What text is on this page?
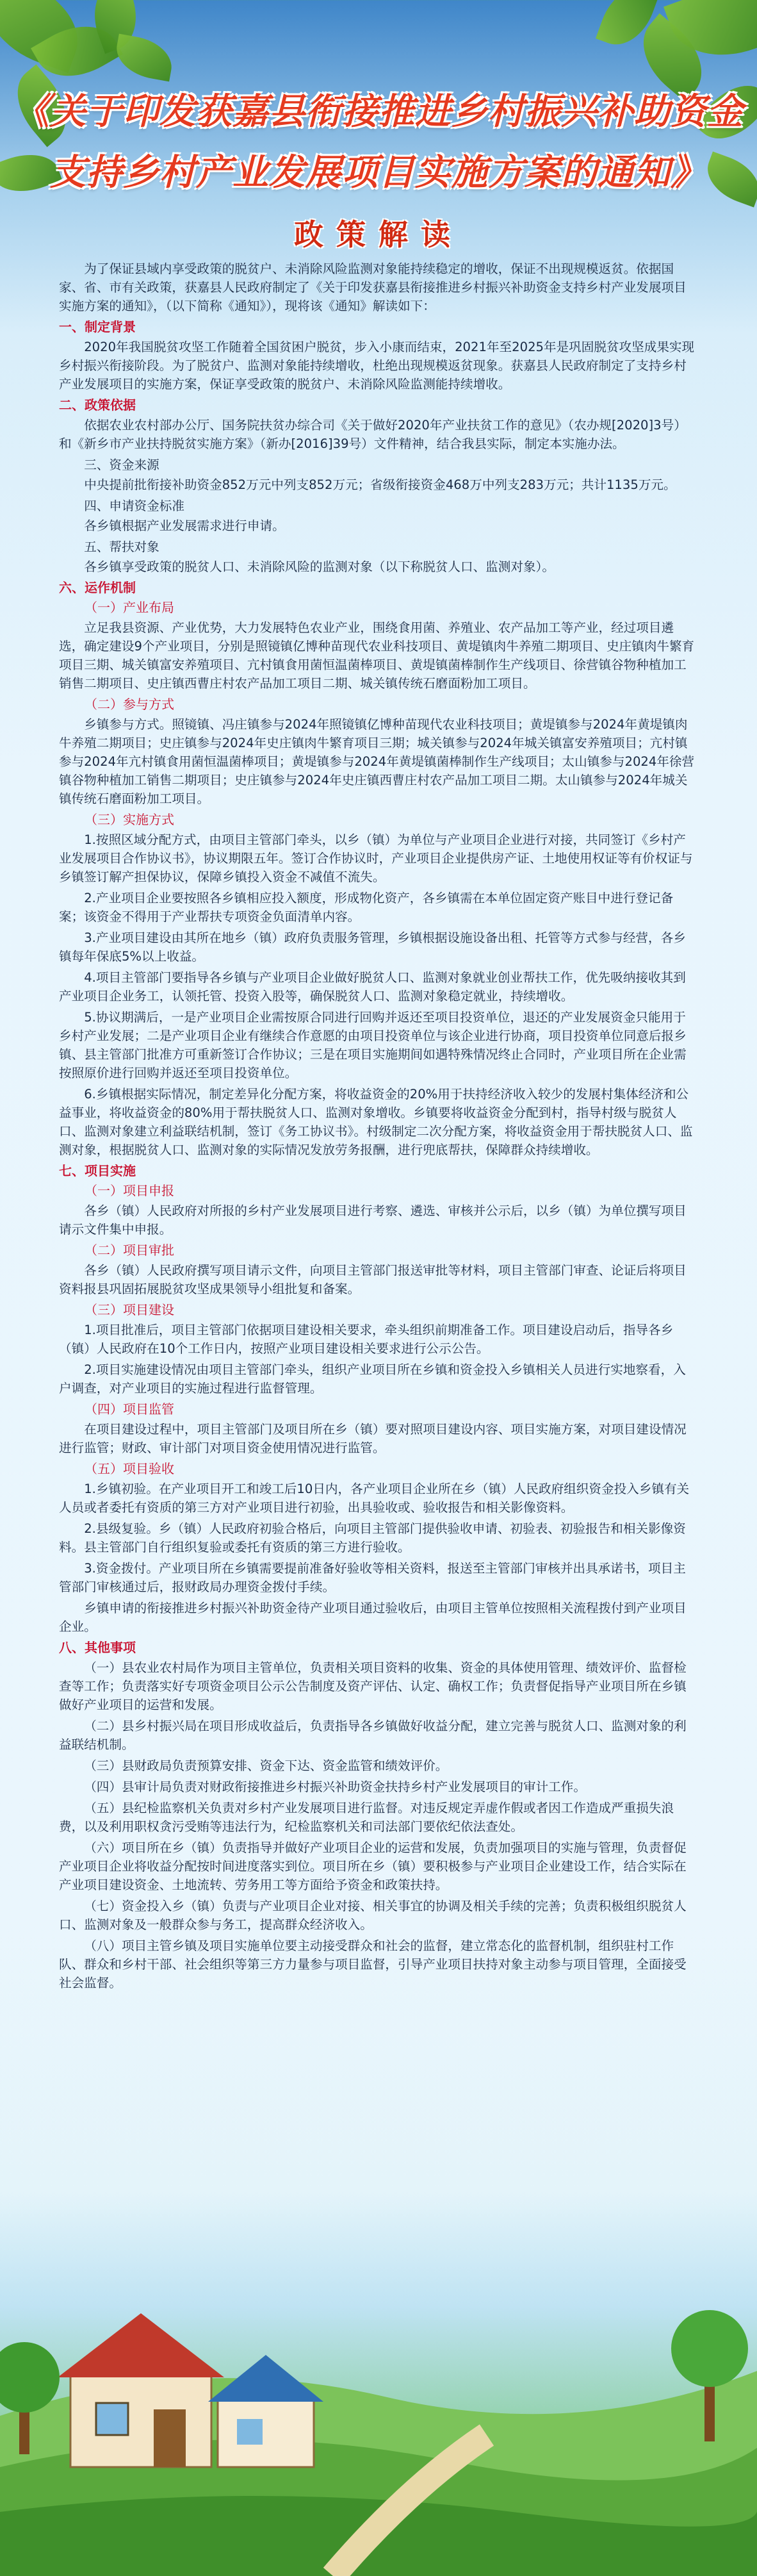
《关于印发获嘉县衔接推进乡村振兴补助资金
支持乡村产业发展项目实施方案的通知》
政策解读

为了保证县域内享受政策的脱贫户、未消除风险监测对象能持续稳定的增收，保证不出现规模返贫。依据国家、省、市有关政策，获嘉县人民政府制定了《关于印发获嘉县衔接推进乡村振兴补助资金支持乡村产业发展项目实施方案的通知》，（以下简称《通知》），现将该《通知》解读如下：

一、制定背景

2020年我国脱贫攻坚工作随着全国贫困户脱贫，步入小康而结束，2021年至2025年是巩固脱贫攻坚成果实现乡村振兴衔接阶段。为了脱贫户、监测对象能持续增收，杜绝出现规模返贫现象。获嘉县人民政府制定了支持乡村产业发展项目的实施方案，保证享受政策的脱贫户、未消除风险监测能持续增收。

二、政策依据

依据农业农村部办公厅、国务院扶贫办综合司《关于做好2020年产业扶贫工作的意见》（农办规[2020]3号）和《新乡市产业扶持脱贫实施方案》（新办[2016]39号）文件精神，结合我县实际，制定本实施办法。

三、资金来源

中央提前批衔接补助资金852万元中列支852万元；省级衔接资金468万中列支283万元；共计1135万元。

四、申请资金标准

各乡镇根据产业发展需求进行申请。

五、帮扶对象

各乡镇享受政策的脱贫人口、未消除风险的监测对象（以下称脱贫人口、监测对象）。

六、运作机制
（一）产业布局

立足我县资源、产业优势，大力发展特色农业产业，围绕食用菌、养殖业、农产品加工等产业，经过项目遴选，确定建设9个产业项目，分别是照镜镇亿博种苗现代农业科技项目、黄堤镇肉牛养殖二期项目、史庄镇肉牛繁育项目三期、城关镇富安养殖项目、亢村镇食用菌恒温菌棒项目、黄堤镇菌棒制作生产线项目、徐营镇谷物种植加工销售二期项目、史庄镇西曹庄村农产品加工项目二期、城关镇传统石磨面粉加工项目。

（二）参与方式

乡镇参与方式。照镜镇、冯庄镇参与2024年照镜镇亿博种苗现代农业科技项目；黄堤镇参与2024年黄堤镇肉牛养殖二期项目；史庄镇参与2024年史庄镇肉牛繁育项目三期；城关镇参与2024年城关镇富安养殖项目；亢村镇参与2024年亢村镇食用菌恒温菌棒项目；黄堤镇参与2024年黄堤镇菌棒制作生产线项目；太山镇参与2024年徐营镇谷物种植加工销售二期项目；史庄镇参与2024年史庄镇西曹庄村农产品加工项目二期。太山镇参与2024年城关镇传统石磨面粉加工项目。

（三）实施方式

1.按照区域分配方式，由项目主管部门牵头，以乡（镇）为单位与产业项目企业进行对接，共同签订《乡村产业发展项目合作协议书》，协议期限五年。签订合作协议时，产业项目企业提供房产证、土地使用权证等有价权证与乡镇签订解产担保协议，保障乡镇投入资金不减值不流失。

2.产业项目企业要按照各乡镇相应投入额度，形成物化资产，各乡镇需在本单位固定资产账目中进行登记备案；该资金不得用于产业帮扶专项资金负面清单内容。

3.产业项目建设由其所在地乡（镇）政府负责服务管理，乡镇根据设施设备出租、托管等方式参与经营，各乡镇每年保底5%以上收益。

4.项目主管部门要指导各乡镇与产业项目企业做好脱贫人口、监测对象就业创业帮扶工作，优先吸纳接收其到产业项目企业务工，认领托管、投资入股等，确保脱贫人口、监测对象稳定就业，持续增收。

5.协议期满后，一是产业项目企业需按原合同进行回购并返还至项目投资单位，退还的产业发展资金只能用于乡村产业发展；二是产业项目企业有继续合作意愿的由项目投资单位与该企业进行协商，项目投资单位同意后报乡镇、县主管部门批准方可重新签订合作协议；三是在项目实施期间如遇特殊情况终止合同时，产业项目所在企业需按照原价进行回购并返还至项目投资单位。

6.乡镇根据实际情况，制定差异化分配方案，将收益资金的20%用于扶持经济收入较少的发展村集体经济和公益事业，将收益资金的80%用于帮扶脱贫人口、监测对象增收。乡镇要将收益资金分配到村，指导村级与脱贫人口、监测对象建立利益联结机制，签订《务工协议书》。村级制定二次分配方案，将收益资金用于帮扶脱贫人口、监测对象，根据脱贫人口、监测对象的实际情况发放劳务报酬，进行兜底帮扶，保障群众持续增收。

七、项目实施
（一）项目申报

各乡（镇）人民政府对所报的乡村产业发展项目进行考察、遴选、审核并公示后，以乡（镇）为单位撰写项目请示文件集中申报。

（二）项目审批

各乡（镇）人民政府撰写项目请示文件，向项目主管部门报送审批等材料，项目主管部门审查、论证后将项目资料报县巩固拓展脱贫攻坚成果领导小组批复和备案。

（三）项目建设

1.项目批准后，项目主管部门依据项目建设相关要求，牵头组织前期准备工作。项目建设启动后，指导各乡（镇）人民政府在10个工作日内，按照产业项目建设相关要求进行公示公告。

2.项目实施建设情况由项目主管部门牵头，组织产业项目所在乡镇和资金投入乡镇相关人员进行实地察看，入户调查，对产业项目的实施过程进行监督管理。

（四）项目监管

在项目建设过程中，项目主管部门及项目所在乡（镇）要对照项目建设内容、项目实施方案，对项目建设情况进行监管；财政、审计部门对项目资金使用情况进行监管。

（五）项目验收

1.乡镇初验。在产业项目开工和竣工后10日内，各产业项目企业所在乡（镇）人民政府组织资金投入乡镇有关人员或者委托有资质的第三方对产业项目进行初验，出具验收或、验收报告和相关影像资料。

2.县级复验。乡（镇）人民政府初验合格后，向项目主管部门提供验收申请、初验表、初验报告和相关影像资料。县主管部门自行组织复验或委托有资质的第三方进行验收。

3.资金拨付。产业项目所在乡镇需要提前准备好验收等相关资料，报送至主管部门审核并出具承诺书，项目主管部门审核通过后，报财政局办理资金拨付手续。

乡镇申请的衔接推进乡村振兴补助资金待产业项目通过验收后，由项目主管单位按照相关流程拨付到产业项目企业。

八、其他事项

（一）县农业农村局作为项目主管单位，负责相关项目资料的收集、资金的具体使用管理、绩效评价、监督检查等工作；负责落实好专项资金项目公示公告制度及资产评估、认定、确权工作；负责督促指导产业项目所在乡镇做好产业项目的运营和发展。

（二）县乡村振兴局在项目形成收益后，负责指导各乡镇做好收益分配，建立完善与脱贫人口、监测对象的利益联结机制。

（三）县财政局负责预算安排、资金下达、资金监管和绩效评价。

（四）县审计局负责对财政衔接推进乡村振兴补助资金扶持乡村产业发展项目的审计工作。

（五）县纪检监察机关负责对乡村产业发展项目进行监督。对违反规定弄虚作假或者因工作造成严重损失浪费，以及利用职权贪污受贿等违法行为，纪检监察机关和司法部门要依纪依法查处。

（六）项目所在乡（镇）负责指导并做好产业项目企业的运营和发展，负责加强项目的实施与管理，负责督促产业项目企业将收益分配按时间进度落实到位。项目所在乡（镇）要积极参与产业项目企业建设工作，结合实际在产业项目建设资金、土地流转、劳务用工等方面给予资金和政策扶持。

（七）资金投入乡（镇）负责与产业项目企业对接、相关事宜的协调及相关手续的完善；负责积极组织脱贫人口、监测对象及一般群众参与务工，提高群众经济收入。

（八）项目主管乡镇及项目实施单位要主动接受群众和社会的监督，建立常态化的监督机制，组织驻村工作队、群众和乡村干部、社会组织等第三方力量参与项目监督，引导产业项目扶持对象主动参与项目管理，全面接受社会监督。
